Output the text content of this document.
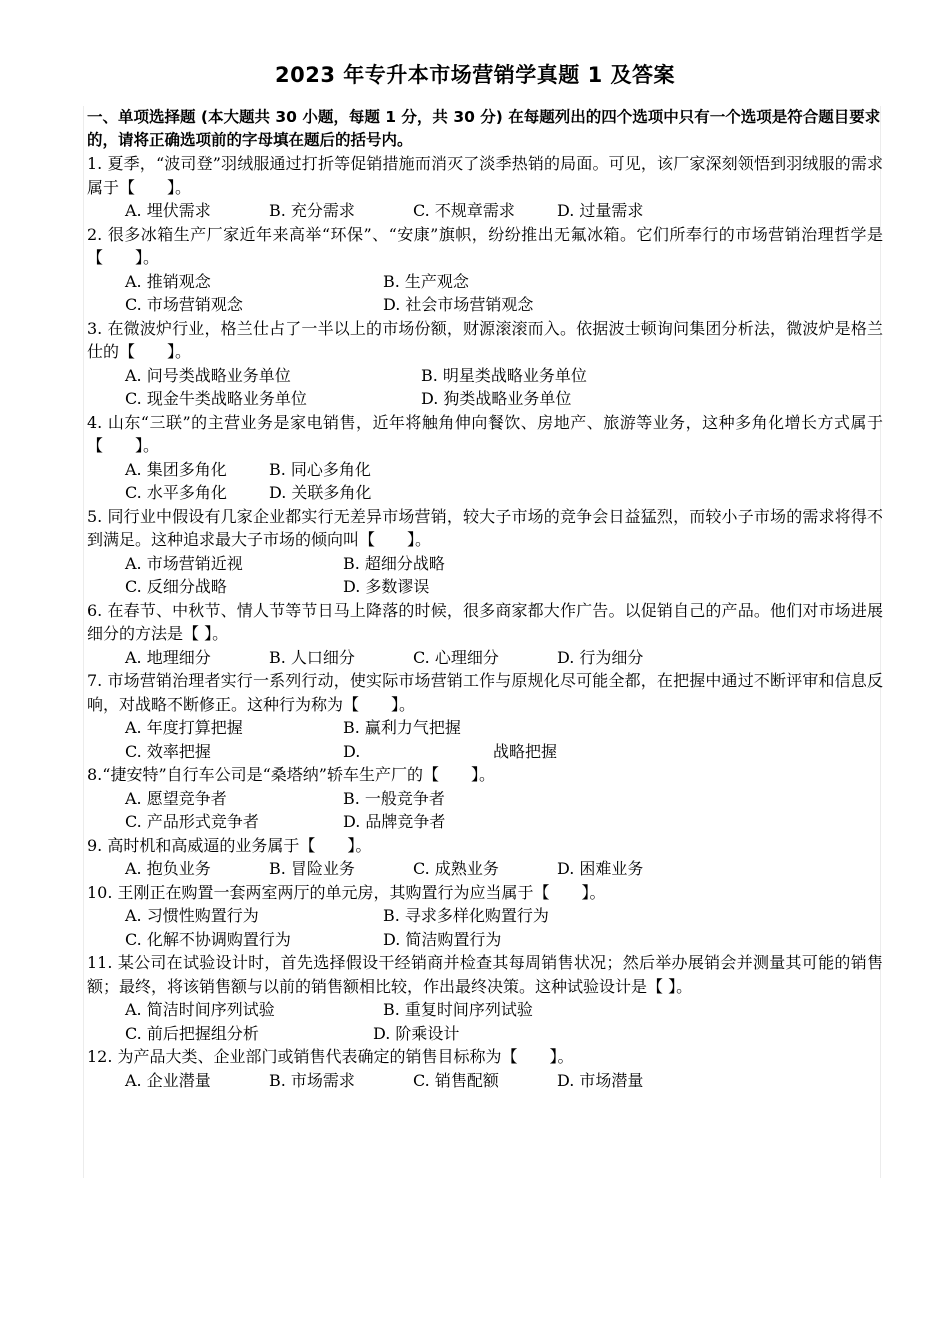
2023 年专升本市场营销学真题 1 及答案

一、单项选择题 (本大题共 30 小题，每题 1 分，共 30 分) 在每题列出的四个选项中只有一个选项是符合题目要求的，请将正确选项前的字母填在题后的括号内。

1. 夏季，“波司登”羽绒服通过打折等促销措施而消灭了淡季热销的局面。可见，该厂家深刻领悟到羽绒服的需求属于【　　】。

A. 埋伏需求	B. 充分需求	C. 不规章需求	D. 过量需求

2. 很多冰箱生产厂家近年来高举“环保”、“安康”旗帜，纷纷推出无氟冰箱。它们所奉行的市场营销治理哲学是【　　】。

A. 推销观念	B. 生产观念
C. 市场营销观念	D. 社会市场营销观念

3. 在微波炉行业，格兰仕占了一半以上的市场份额，财源滚滚而入。依据波士顿询问集团分析法，微波炉是格兰仕的【　　】。

A. 问号类战略业务单位	B. 明星类战略业务单位
C. 现金牛类战略业务单位	D. 狗类战略业务单位

4. 山东“三联”的主营业务是家电销售，近年将触角伸向餐饮、房地产、旅游等业务，这种多角化增长方式属于【　　】。

A. 集团多角化	B. 同心多角化
C. 水平多角化	D. 关联多角化

5. 同行业中假设有几家企业都实行无差异市场营销，较大子市场的竞争会日益猛烈，而较小子市场的需求将得不到满足。这种追求最大子市场的倾向叫【　　】。

A. 市场营销近视	B. 超细分战略
C. 反细分战略	D. 多数谬误

6. 在春节、中秋节、情人节等节日马上降落的时候，很多商家都大作广告。以促销自己的产品。他们对市场进展细分的方法是【 】。

A. 地理细分	B. 人口细分	C. 心理细分	D. 行为细分

7. 市场营销治理者实行一系列行动，使实际市场营销工作与原规化尽可能全都，在把握中通过不断评审和信息反响，对战略不断修正。这种行为称为【　　】。

A. 年度打算把握	B. 赢利力气把握
C. 效率把握	D.	战略把握

8.“捷安特”自行车公司是“桑塔纳”轿车生产厂的【　　】。

A. 愿望竞争者	B. 一般竞争者
C. 产品形式竞争者	D. 品牌竞争者

9. 高时机和高威逼的业务属于【　　】。

A. 抱负业务	B. 冒险业务	C. 成熟业务	D. 困难业务

10. 王刚正在购置一套两室两厅的单元房，其购置行为应当属于【　　】。

A. 习惯性购置行为	B. 寻求多样化购置行为
C. 化解不协调购置行为	D. 简洁购置行为

11. 某公司在试验设计时，首先选择假设干经销商并检查其每周销售状况；然后举办展销会并测量其可能的销售额；最终，将该销售额与以前的销售额相比较，作出最终决策。这种试验设计是【 】。

A. 简洁时间序列试验	B. 重复时间序列试验
C. 前后把握组分析	D. 阶乘设计

12. 为产品大类、企业部门或销售代表确定的销售目标称为【　　】。

A. 企业潜量	B. 市场需求	C. 销售配额	D. 市场潜量
